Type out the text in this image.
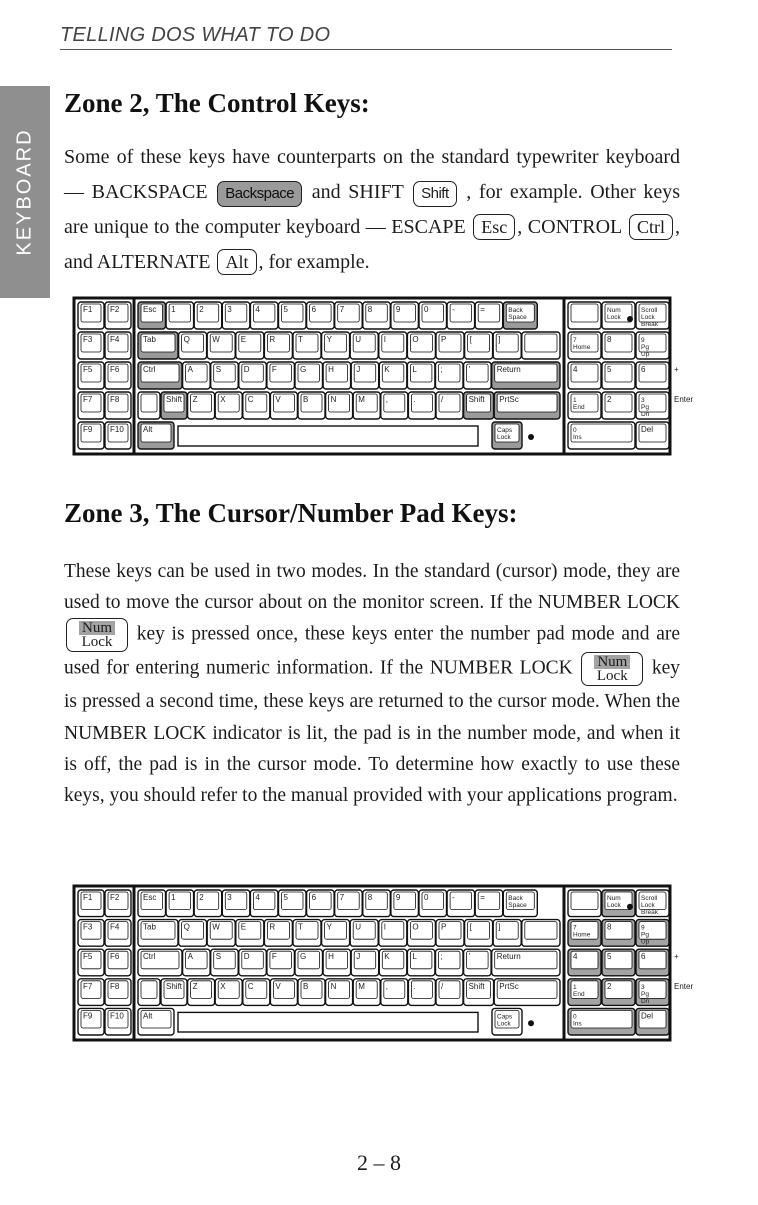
TELLING DOS WHAT TO DO
KEYBOARD
Zone 2, The Control Keys:
Some of these keys have counterparts on the standard typewriter keyboard — BACKSPACE Backspace and SHIFT Shift , for example. Other keys are unique to the computer keyboard — ESCAPE Esc , CONTROL Ctrl , and ALTERNATE Alt , for example.
F1 F2
F3 F4
F5 F6
F7 F8
F9 F10
Esc 1	2	3	4	5	6	7	8	9	0	-	=	Back
Space
Tab	Q	W	E	R	T	Y	U	I	O	P	[	]
Ctrl	A	S	D	F	G	H	J	K	L	;	'	Return
Shift Z	X	C	V	B	N	M	,	.	/	Shift PrtSc
Alt	Caps
Lock
Num
Lock
Scroll
Lock
Break
7
Home
8	9
Pg
Up
4	5	6
1
End
2	3
Pg
Dn
+
Enter
0
Ins
Del
Zone 3, The Cursor/Number Pad Keys:
These keys can be used in two modes. In the standard (cursor) mode, they are used to move the cursor about on the monitor screen. If the NUMBER LOCK
Num
Lock key is pressed once, these keys enter the number pad mode and are used for entering numeric information. If the NUMBER LOCK Num
Lock key is pressed a second time, these keys are returned to the cursor mode. When the NUMBER LOCK indicator is lit, the pad is in the number mode, and when it is off, the pad is in the cursor mode. To determine how exactly to use these keys, you should refer to the manual provided with your applications program.
F1 F2
F3 F4
F5 F6
F7 F8
F9 F10
Esc 1	2	3	4	5	6	7	8	9	0	-	=	Back
Space
Tab	Q	W	E	R	T	Y	U	I	O	P	[	]
Ctrl	A	S	D	F	G	H	J	K	L	;	'	Return
Shift Z	X	C	V	B	N	M	,	.	/	Shift PrtSc
Alt	Caps
Lock
Num
Lock
Scroll
Lock
Break
7
Home
8	9
Pg
Up
4	5	6
1
End
2	3
Pg
Dn
+
Enter
0
Ins
Del
2 – 8
